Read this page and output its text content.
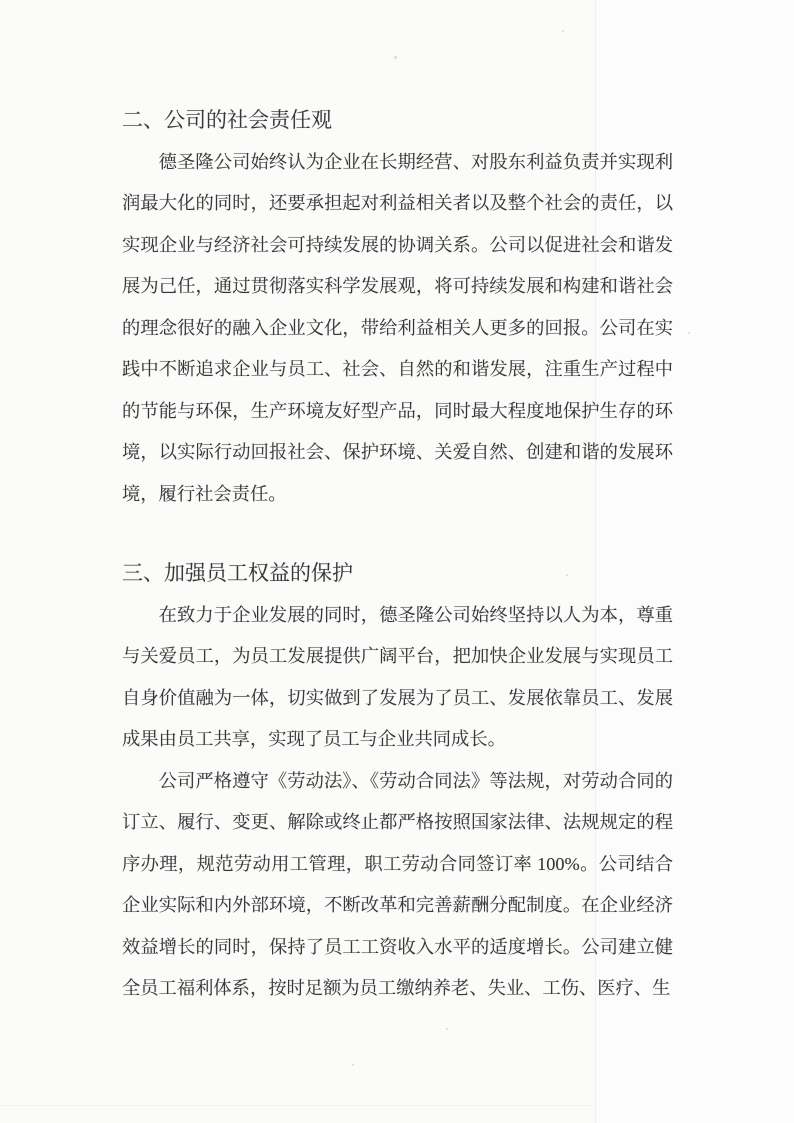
二、公司的社会责任观

德圣隆公司始终认为企业在长期经营、对股东利益负责并实现利润最大化的同时，还要承担起对利益相关者以及整个社会的责任，以实现企业与经济社会可持续发展的协调关系。公司以促进社会和谐发展为己任，通过贯彻落实科学发展观，将可持续发展和构建和谐社会的理念很好的融入企业文化，带给利益相关人更多的回报。公司在实践中不断追求企业与员工、社会、自然的和谐发展，注重生产过程中的节能与环保，生产环境友好型产品，同时最大程度地保护生存的环境，以实际行动回报社会、保护环境、关爱自然、创建和谐的发展环境，履行社会责任。

三、加强员工权益的保护

在致力于企业发展的同时，德圣隆公司始终坚持以人为本，尊重与关爱员工，为员工发展提供广阔平台，把加快企业发展与实现员工自身价值融为一体，切实做到了发展为了员工、发展依靠员工、发展成果由员工共享，实现了员工与企业共同成长。

公司严格遵守《劳动法》、《劳动合同法》等法规，对劳动合同的订立、履行、变更、解除或终止都严格按照国家法律、法规规定的程序办理，规范劳动用工管理，职工劳动合同签订率 100%。公司结合企业实际和内外部环境，不断改革和完善薪酬分配制度。在企业经济效益增长的同时，保持了员工工资收入水平的适度增长。公司建立健全员工福利体系，按时足额为员工缴纳养老、失业、工伤、医疗、生
